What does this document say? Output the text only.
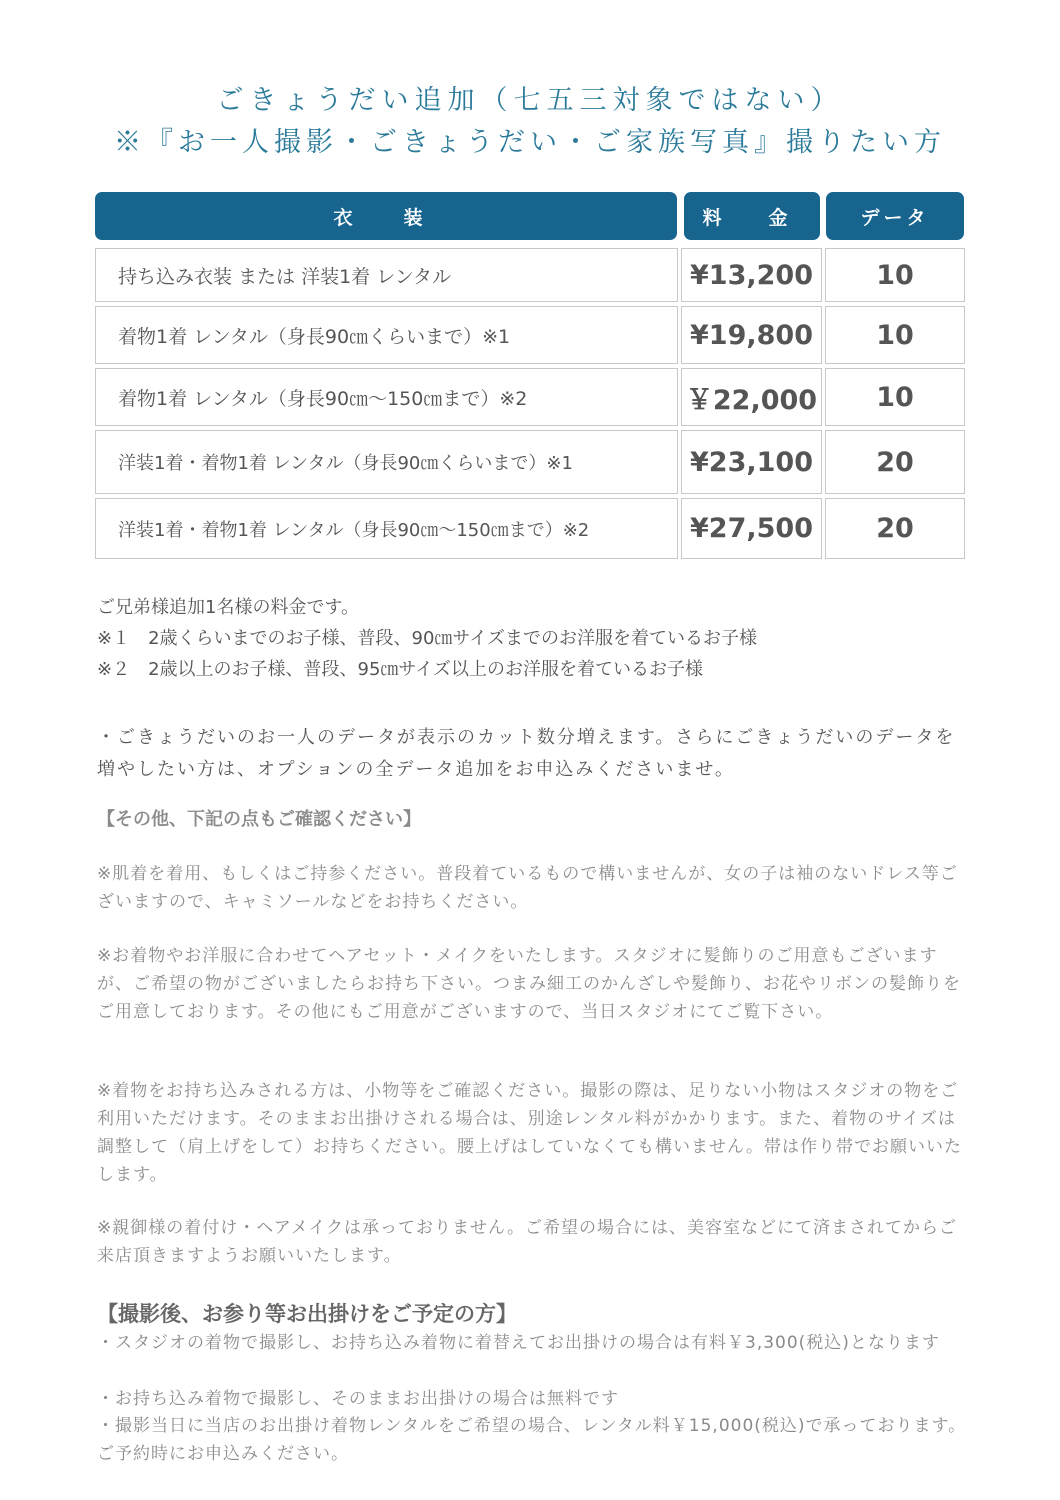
ごきょうだい追加（七五三対象ではない）
※『お一人撮影・ごきょうだい・ご家族写真』撮りたい方
衣　装	料　金	データ
持ち込み衣装 または 洋装1着 レンタル	¥13,200	10
着物1着 レンタル（身長90㎝くらいまで）※1	¥19,800	10
着物1着 レンタル（身長90㎝～150㎝まで）※2	￥22,000	10
洋装1着・着物1着 レンタル（身長90㎝くらいまで）※1	¥23,100	20
洋装1着・着物1着 レンタル（身長90㎝～150㎝まで）※2	¥27,500	20
ご兄弟様追加1名様の料金です。
※１　2歳くらいまでのお子様、普段、90㎝サイズまでのお洋服を着ているお子様
※２　2歳以上のお子様、普段、95㎝サイズ以上のお洋服を着ているお子様
・ごきょうだいのお一人のデータが表示のカット数分増えます。さらにごきょうだいのデータを増やしたい方は、オプションの全データ追加をお申込みくださいませ。
【その他、下記の点もご確認ください】
※肌着を着用、もしくはご持参ください。普段着ているもので構いませんが、女の子は袖のないドレス等ございますので、キャミソールなどをお持ちください。
※お着物やお洋服に合わせてヘアセット・メイクをいたします。スタジオに髪飾りのご用意もございますが、ご希望の物がございましたらお持ち下さい。つまみ細工のかんざしや髪飾り、お花やリボンの髪飾りをご用意しております。その他にもご用意がございますので、当日スタジオにてご覧下さい。
※着物をお持ち込みされる方は、小物等をご確認ください。撮影の際は、足りない小物はスタジオの物をご利用いただけます。そのままお出掛けされる場合は、別途レンタル料がかかります。また、着物のサイズは調整して（肩上げをして）お持ちください。腰上げはしていなくても構いません。帯は作り帯でお願いいたします。
※親御様の着付け・ヘアメイクは承っておりません。ご希望の場合には、美容室などにて済まされてからご来店頂きますようお願いいたします。
【撮影後、お参り等お出掛けをご予定の方】
・スタジオの着物で撮影し、お持ち込み着物に着替えてお出掛けの場合は有料￥3,300(税込)となります
・お持ち込み着物で撮影し、そのままお出掛けの場合は無料です
・撮影当日に当店のお出掛け着物レンタルをご希望の場合、レンタル料￥15,000(税込)で承っております。ご予約時にお申込みください。
